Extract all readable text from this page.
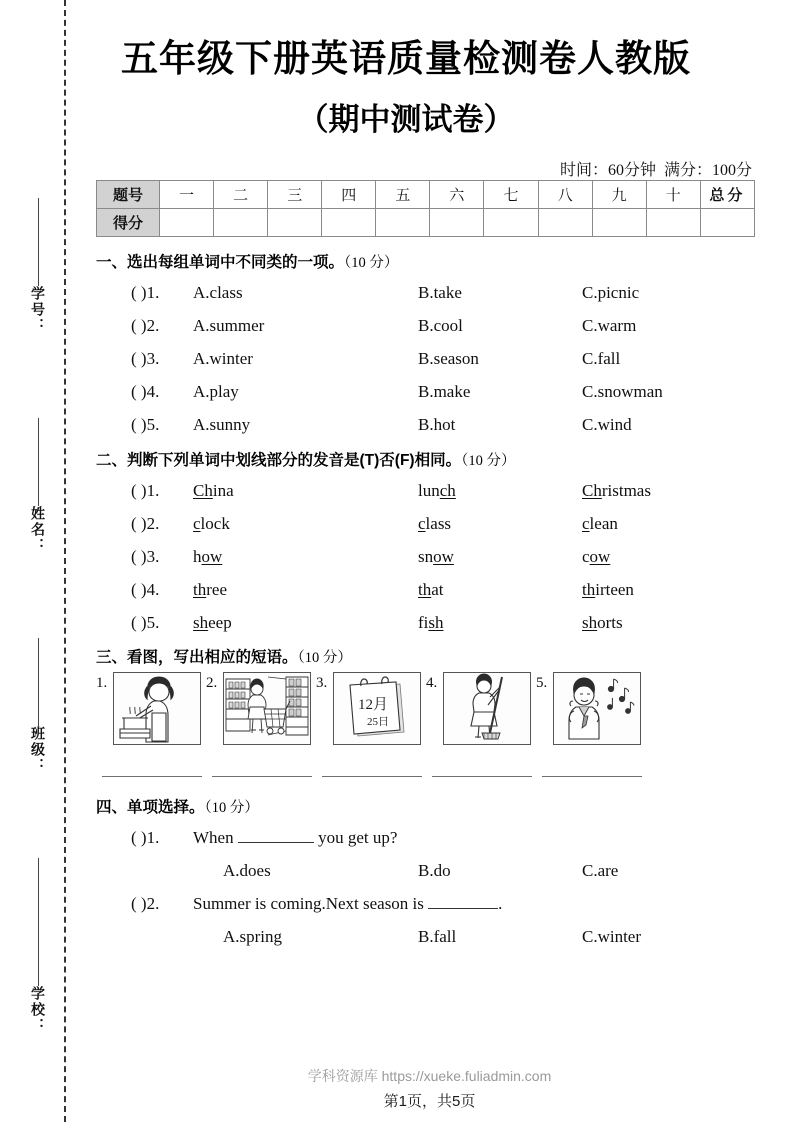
学号：
姓名：
班级：
学校：
五年级下册英语质量检测卷人教版
（期中测试卷）
时间：60分钟  满分：100分
题号	一	二	三	四	五	六	七	八	九	十	总分
得分											
一、选出每组单词中不同类的一项。（10 分）
( )1.	A.class	B.take	C.picnic
( )2.	A.summer	B.cool	C.warm
( )3.	A.winter	B.season	C.fall
( )4.	A.play	B.make	C.snowman
( )5.	A.sunny	B.hot	C.wind
二、判断下列单词中划线部分的发音是(T)否(F)相同。（10 分）
( )1.	China	lunch	Christmas
( )2.	clock	class	clean
( )3.	how	snow	cow
( )4.	three	that	thirteen
( )5.	sheep	fish	shorts
三、看图，写出相应的短语。（10 分）
1.	2.	3.
12月
25日
4.	5.
四、单项选择。（10 分）
( )1.	When	you get up?
A.does	B.do	C.are
( )2.	Summer is coming.Next season is	.
A.spring	B.fall	C.winter
学科资源库 https://xueke.fuliadmin.com
第1页，共5页
